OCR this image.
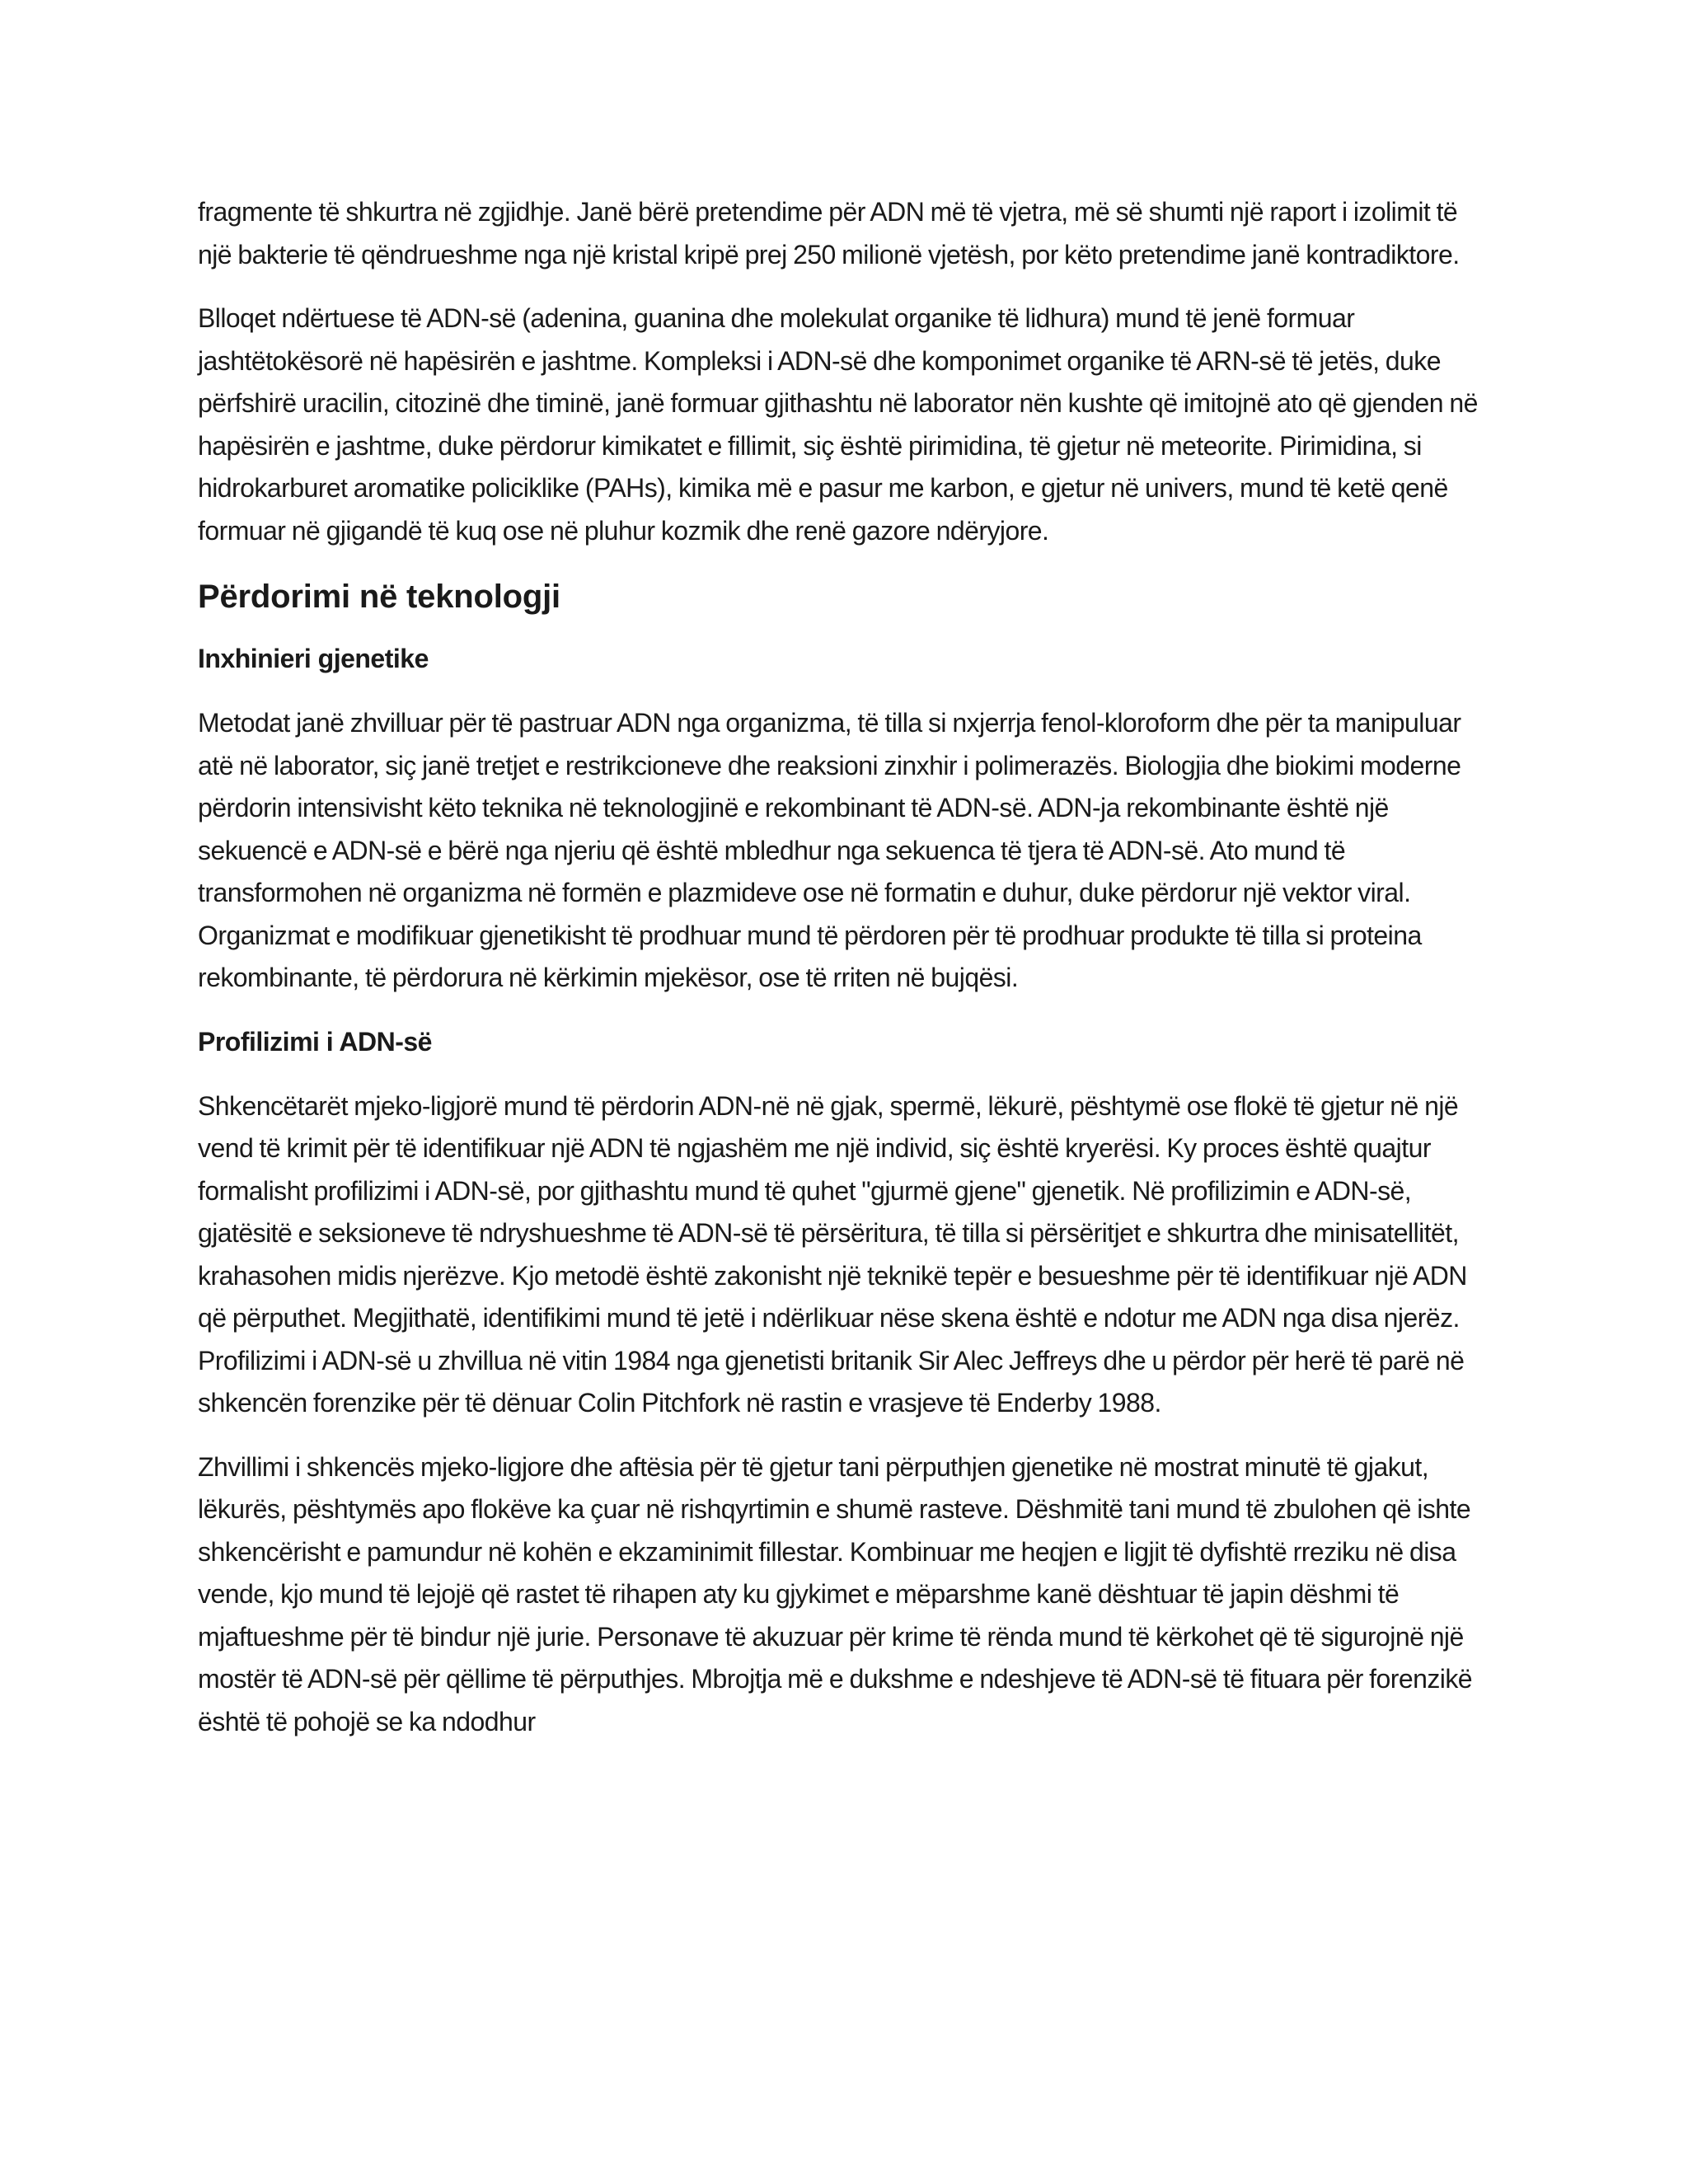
fragmente të shkurtra në zgjidhje. Janë bërë pretendime për ADN më të vjetra, më së shumti një raport i izolimit të një bakterie të qëndrueshme nga një kristal kripë prej 250 milionë vjetësh, por këto pretendime janë kontradiktore.

Blloqet ndërtuese të ADN-së (adenina, guanina dhe molekulat organike të lidhura) mund të jenë formuar jashtëtokësorë në hapësirën e jashtme. Kompleksi i ADN-së dhe komponimet organike të ARN-së të jetës, duke përfshirë uracilin, citozinë dhe timinë, janë formuar gjithashtu në laborator nën kushte që imitojnë ato që gjenden në hapësirën e jashtme, duke përdorur kimikatet e fillimit, siç është pirimidina, të gjetur në meteorite. Pirimidina, si hidrokarburet aromatike policiklike (PAHs), kimika më e pasur me karbon, e gjetur në univers, mund të ketë qenë formuar në gjigandë të kuq ose në pluhur kozmik dhe renë gazore ndëryjore.

Përdorimi në teknologji
Inxhinieri gjenetike

Metodat janë zhvilluar për të pastruar ADN nga organizma, të tilla si nxjerrja fenol-kloroform dhe për ta manipuluar atë në laborator, siç janë tretjet e restrikcioneve dhe reaksioni zinxhir i polimerazës. Biologjia dhe biokimi moderne përdorin intensivisht këto teknika në teknologjinë e rekombinant të ADN-së. ADN-ja rekombinante është një sekuencë e ADN-së e bërë nga njeriu që është mbledhur nga sekuenca të tjera të ADN-së. Ato mund të transformohen në organizma në formën e plazmideve ose në formatin e duhur, duke përdorur një vektor viral. Organizmat e modifikuar gjenetikisht të prodhuar mund të përdoren për të prodhuar produkte të tilla si proteina rekombinante, të përdorura në kërkimin mjekësor, ose të rriten në bujqësi.

Profilizimi i ADN-së

Shkencëtarët mjeko-ligjorë mund të përdorin ADN-në në gjak, spermë, lëkurë, pështymë ose flokë të gjetur në një vend të krimit për të identifikuar një ADN të ngjashëm me një individ, siç është kryerësi. Ky proces është quajtur formalisht profilizimi i ADN-së, por gjithashtu mund të quhet "gjurmë gjene" gjenetik. Në profilizimin e ADN-së, gjatësitë e seksioneve të ndryshueshme të ADN-së të përsëritura, të tilla si përsëritjet e shkurtra dhe minisatellitët, krahasohen midis njerëzve. Kjo metodë është zakonisht një teknikë tepër e besueshme për të identifikuar një ADN që përputhet. Megjithatë, identifikimi mund të jetë i ndërlikuar nëse skena është e ndotur me ADN nga disa njerëz. Profilizimi i ADN-së u zhvillua në vitin 1984 nga gjenetisti britanik Sir Alec Jeffreys dhe u përdor për herë të parë në shkencën forenzike për të dënuar Colin Pitchfork në rastin e vrasjeve të Enderby 1988.

Zhvillimi i shkencës mjeko-ligjore dhe aftësia për të gjetur tani përputhjen gjenetike në mostrat minutë të gjakut, lëkurës, pështymës apo flokëve ka çuar në rishqyrtimin e shumë rasteve. Dëshmitë tani mund të zbulohen që ishte shkencërisht e pamundur në kohën e ekzaminimit fillestar. Kombinuar me heqjen e ligjit të dyfishtë rreziku në disa vende, kjo mund të lejojë që rastet të rihapen aty ku gjykimet e mëparshme kanë dështuar të japin dëshmi të mjaftueshme për të bindur një jurie. Personave të akuzuar për krime të rënda mund të kërkohet që të sigurojnë një mostër të ADN-së për qëllime të përputhjes. Mbrojtja më e dukshme e ndeshjeve të ADN-së të fituara për forenzikë është të pohojë se ka ndodhur
